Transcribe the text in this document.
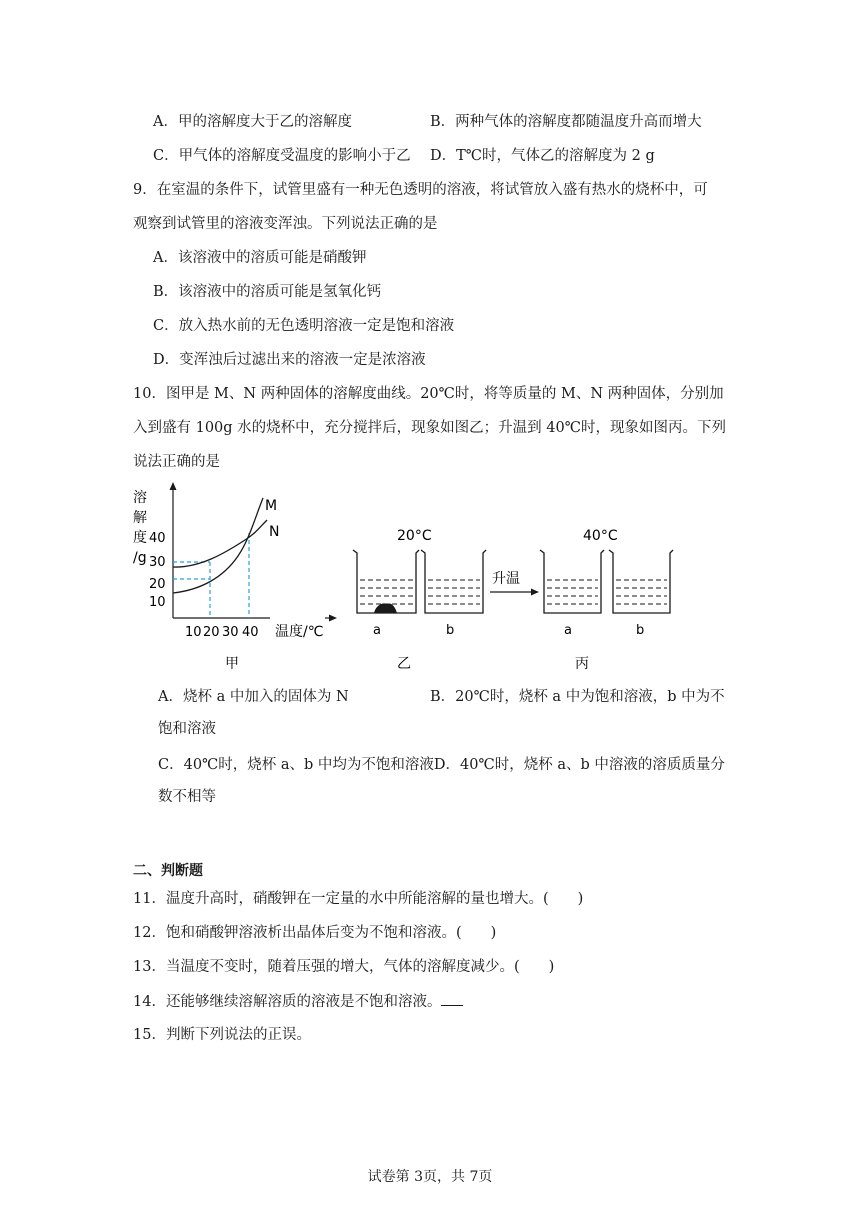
A．甲的溶解度大于乙的溶解度	B．两种气体的溶解度都随温度升高而增大
C．甲气体的溶解度受温度的影响小于乙 D．T℃时，气体乙的溶解度为 2 g
9．在室温的条件下，试管里盛有一种无色透明的溶液，将试管放入盛有热水的烧杯中，可
观察到试管里的溶液变浑浊。下列说法正确的是
A．该溶液中的溶质可能是硝酸钾
B．该溶液中的溶质可能是氢氧化钙
C．放入热水前的无色透明溶液一定是饱和溶液
D．变浑浊后过滤出来的溶液一定是浓溶液
10．图甲是 M、N 两种固体的溶解度曲线。20℃时，将等质量的 M、N 两种固体，分别加
入到盛有 100g 水的烧杯中，充分搅拌后，现象如图乙；升温到 40℃时，现象如图丙。下列
说法正确的是
溶
解
度
/g
40
30
20
10
10 20 30 40 温度/℃
M
N
甲
20°C
a	b
乙
升温
40°C
a	b
丙
A．烧杯 a 中加入的固体为 N	B．20℃时，烧杯 a 中为饱和溶液，b 中为不
饱和溶液
C．40℃时，烧杯 a、b 中均为不饱和溶液D．40℃时，烧杯 a、b 中溶液的溶质质量分
数不相等
二、判断题
11．温度升高时，硝酸钾在一定量的水中所能溶解的量也增大。(　　)
12．饱和硝酸钾溶液析出晶体后变为不饱和溶液。(　　)
13．当温度不变时，随着压强的增大，气体的溶解度减少。(　　)
14．还能够继续溶解溶质的溶液是不饱和溶液。
15．判断下列说法的正误。
试卷第 3页，共 7页
